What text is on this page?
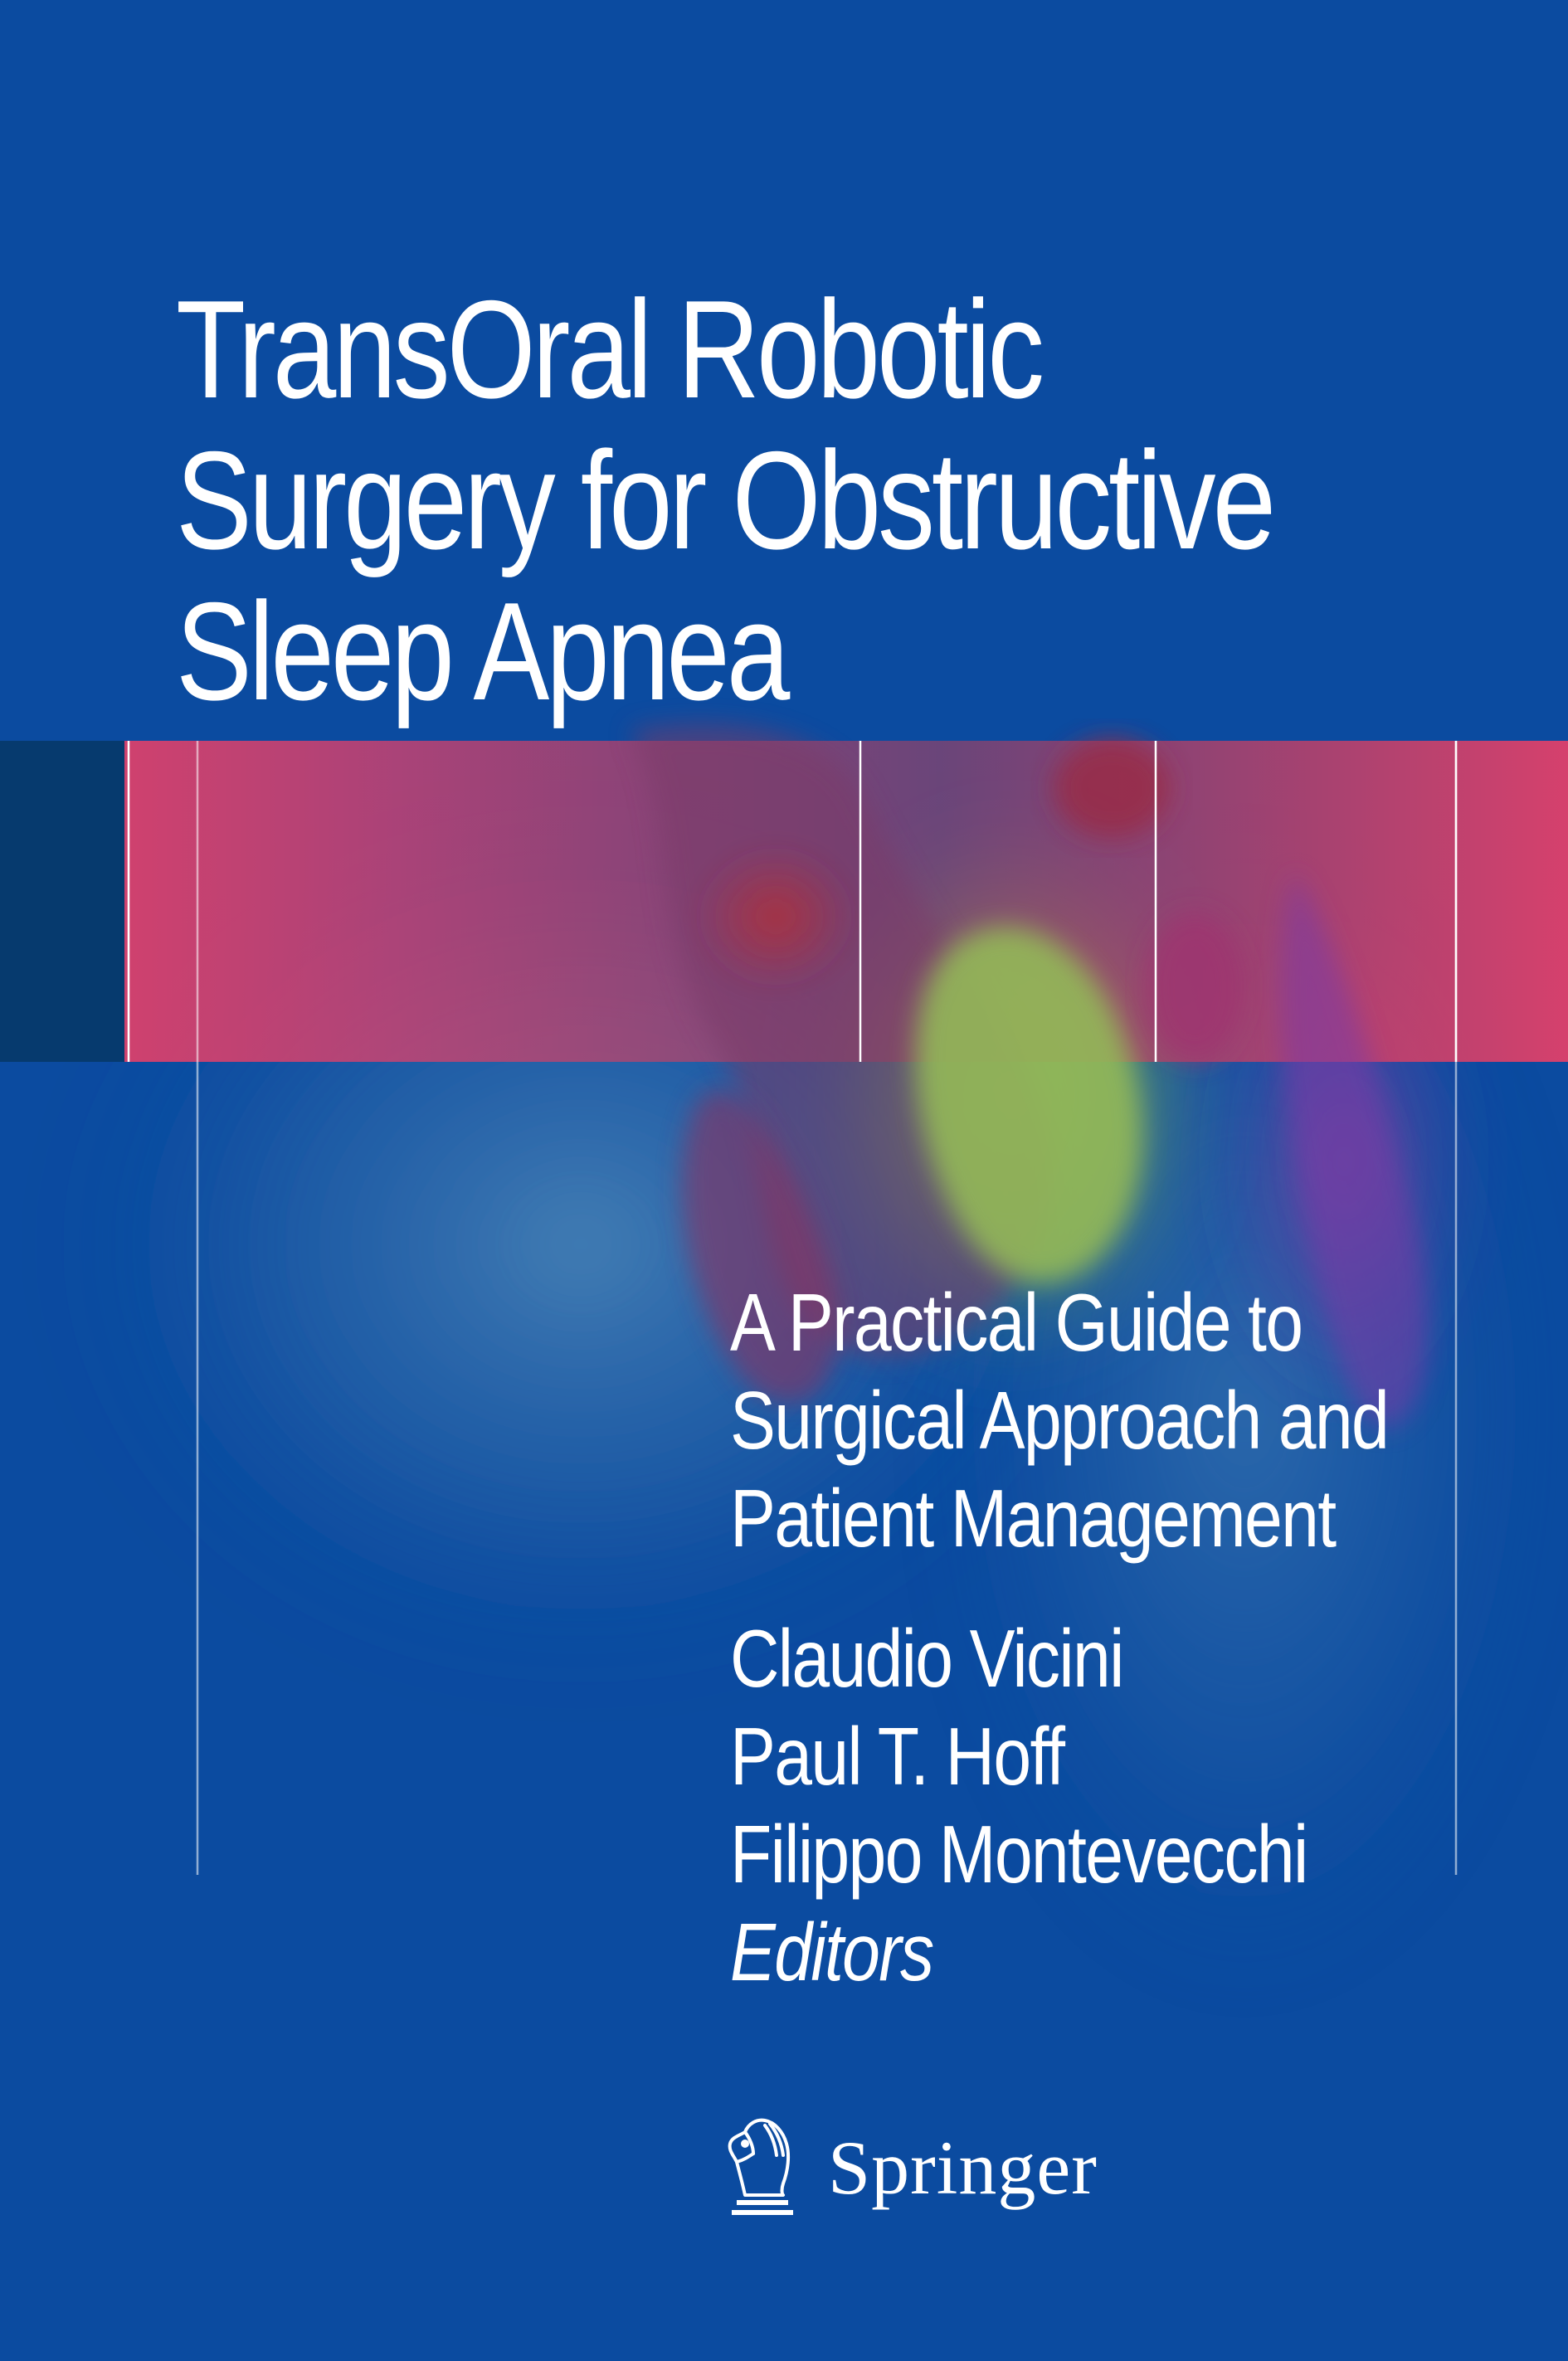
TransOral Robotic
Surgery for Obstructive
Sleep Apnea
A Practical Guide to
Surgical Approach and
Patient Management
Claudio Vicini
Paul T. Hoff
Filippo Montevecchi
Editors
Springer
